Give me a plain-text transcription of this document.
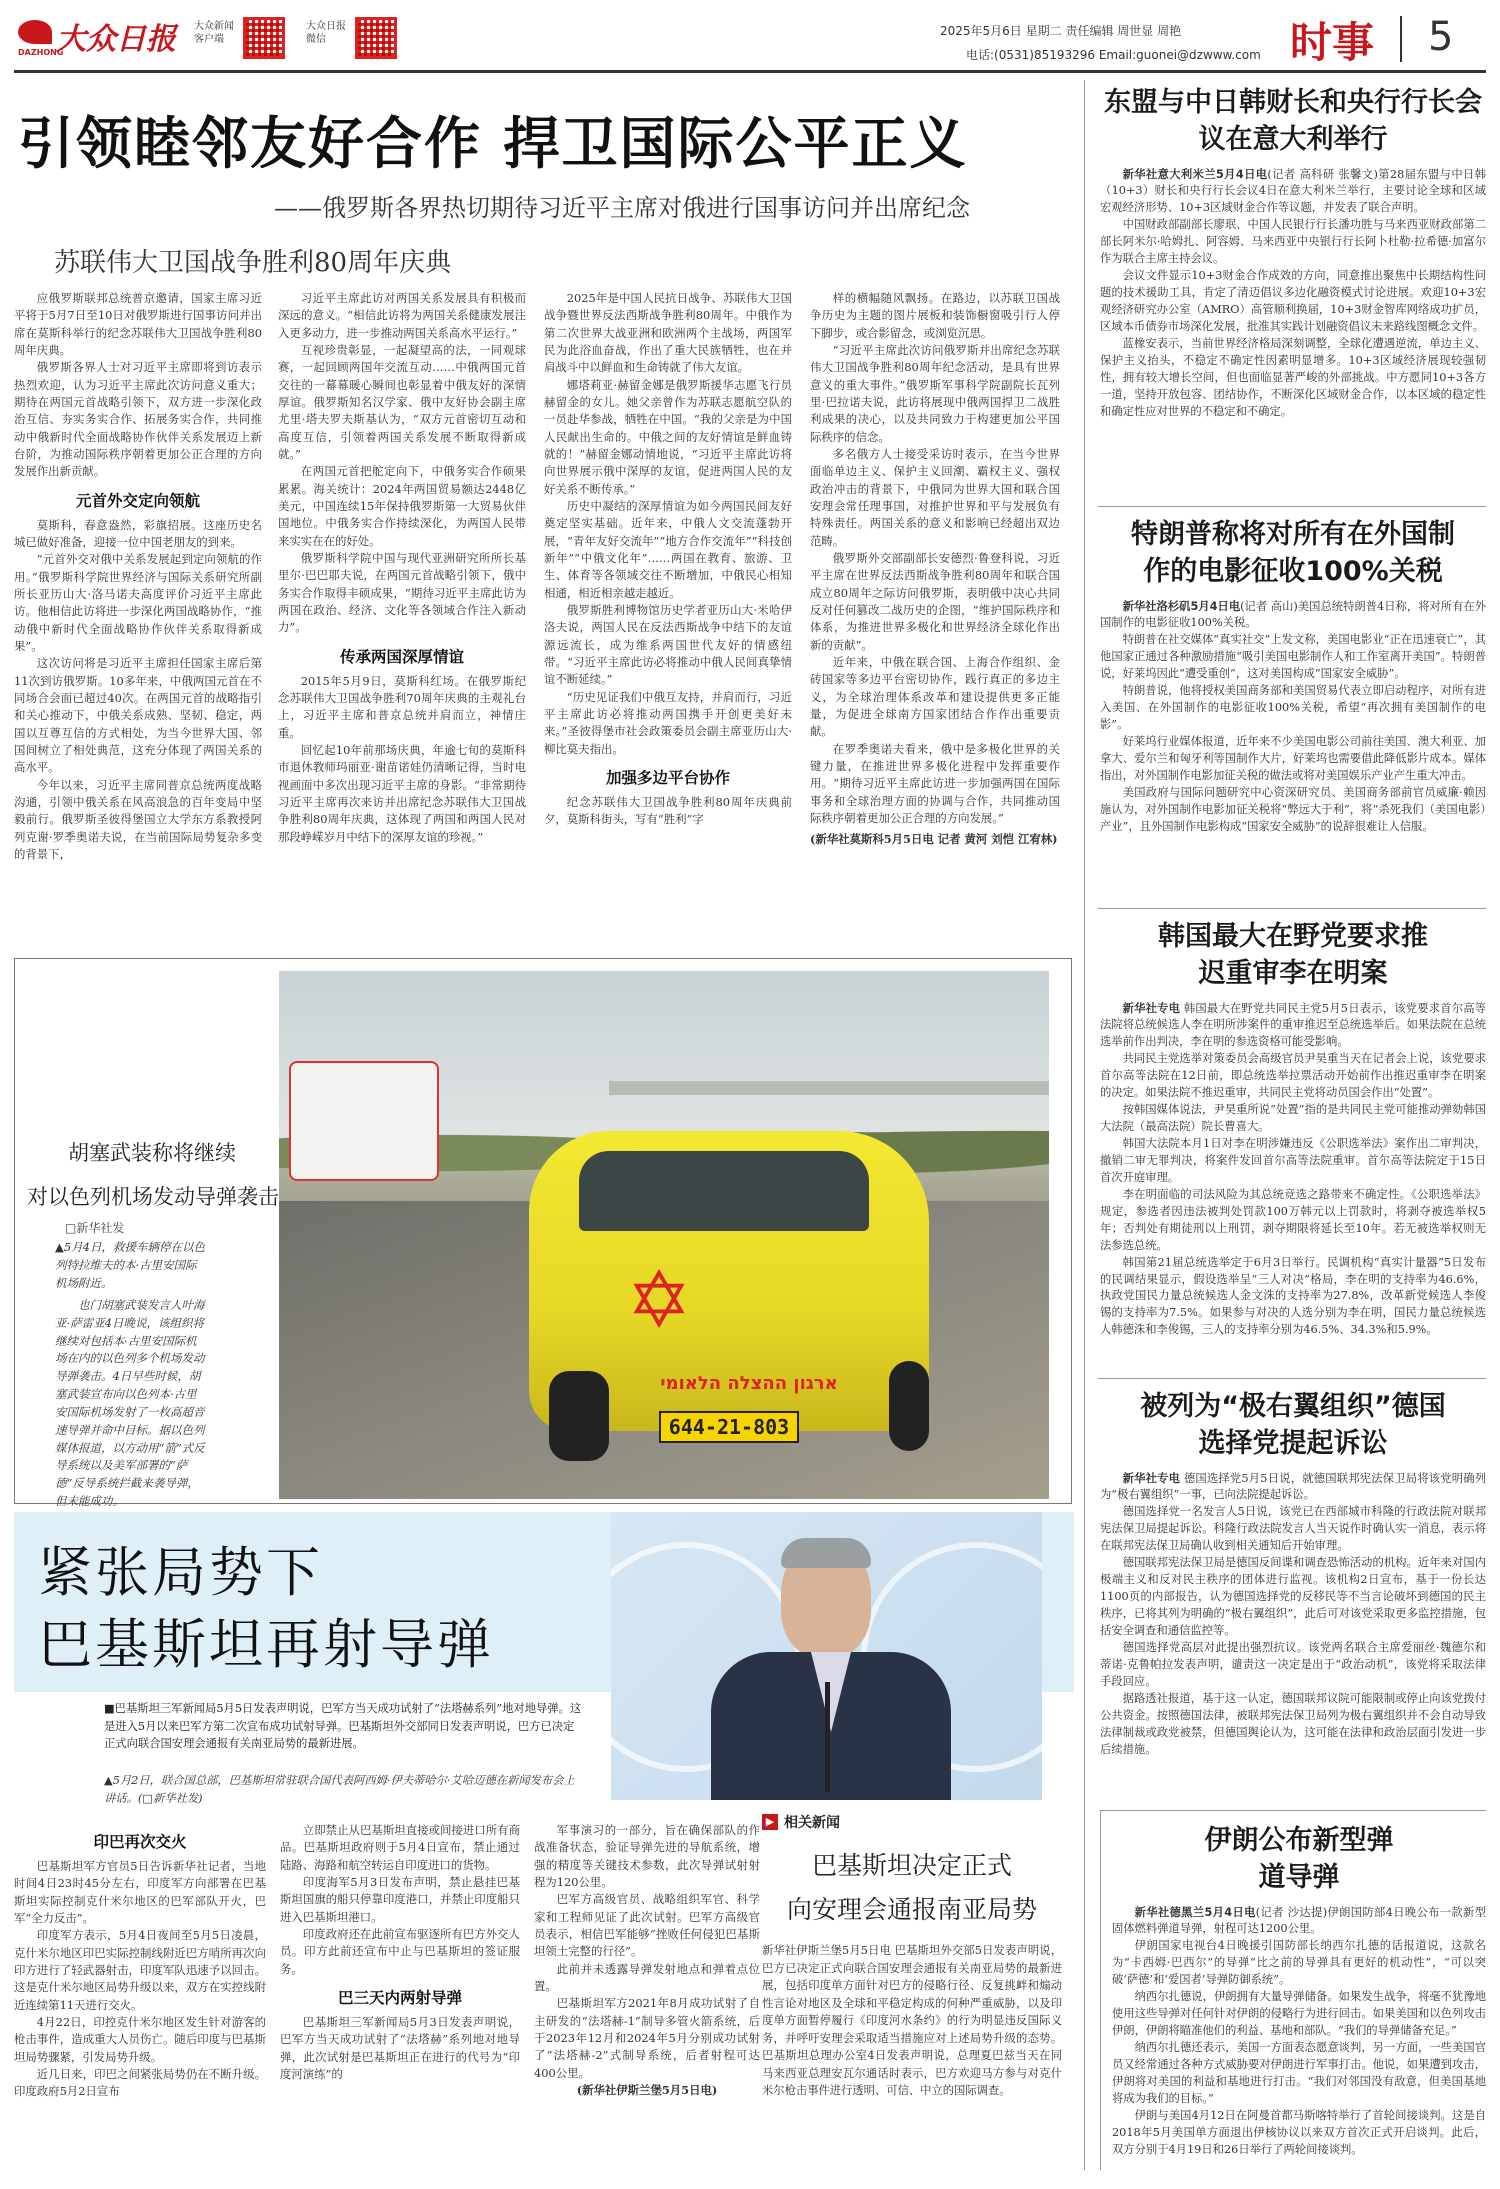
大众日报
DAZHONG
大众新闻客户端
大众日报微信
2025年5月6日 星期二 责任编辑 周世显 周艳
电话:(0531)85193296 Email:guonei@dzwww.com 时事 5
引领睦邻友好合作 捍卫国际公平正义
——俄罗斯各界热切期待习近平主席对俄进行国事访问并出席纪念
苏联伟大卫国战争胜利80周年庆典

应俄罗斯联邦总统普京邀请，国家主席习近平将于5月7日至10日对俄罗斯进行国事访问并出席在莫斯科举行的纪念苏联伟大卫国战争胜利80周年庆典。

俄罗斯各界人士对习近平主席即将到访表示热烈欢迎，认为习近平主席此次访问意义重大；期待在两国元首战略引领下，双方进一步深化政治互信、夯实务实合作、拓展务实合作，共同推动中俄新时代全面战略协作伙伴关系发展迈上新台阶，为推动国际秩序朝着更加公正合理的方向发展作出新贡献。

元首外交定向领航

莫斯科，春意盎然，彩旗招展。这座历史名城已做好准备，迎接一位中国老朋友的到来。

“元首外交对俄中关系发展起到定向领航的作用。”俄罗斯科学院世界经济与国际关系研究所副所长亚历山大·洛马诺夫高度评价习近平主席此访。他相信此访将进一步深化两国战略协作，“推动俄中新时代全面战略协作伙伴关系取得新成果”。

这次访问将是习近平主席担任国家主席后第11次到访俄罗斯。10多年来，中俄两国元首在不同场合会面已超过40次。在两国元首的战略指引和关心推动下，中俄关系成熟、坚韧、稳定，两国以互尊互信的方式相处，为当今世界大国、邻国间树立了相处典范，这充分体现了两国关系的高水平。

今年以来，习近平主席同普京总统两度战略沟通，引领中俄关系在风高浪急的百年变局中坚毅前行。俄罗斯圣彼得堡国立大学东方系教授阿列克谢·罗季奥诺夫说，在当前国际局势复杂多变的背景下，

习近平主席此访对两国关系发展具有积极而深远的意义。“相信此访将为两国关系健康发展注入更多动力，进一步推动两国关系高水平运行。”

互视珍贵彰显，一起凝望高的法，一同观球赛，一起回顾两国年交流互动……中俄两国元首交往的一幕幕暖心瞬间也彰显着中俄友好的深情厚谊。俄罗斯知名汉学家、俄中友好协会副主席尤里·塔夫罗夫斯基认为，“双方元首密切互动和高度互信，引领着两国关系发展不断取得新成就。”

在两国元首把舵定向下，中俄务实合作硕果累累。海关统计：2024年两国贸易额达2448亿美元，中国连续15年保持俄罗斯第一大贸易伙伴国地位。中俄务实合作持续深化，为两国人民带来实实在在的好处。

俄罗斯科学院中国与现代亚洲研究所所长基里尔·巴巴耶夫说，在两国元首战略引领下，俄中务实合作取得丰硕成果，“期待习近平主席此访为两国在政治、经济、文化等各领域合作注入新动力”。

传承两国深厚情谊

2015年5月9日，莫斯科红场。在俄罗斯纪念苏联伟大卫国战争胜利70周年庆典的主观礼台上，习近平主席和普京总统并肩而立，神情庄重。

回忆起10年前那场庆典，年逾七旬的莫斯科市退休教师玛丽亚·谢苗诺娃仍清晰记得，当时电视画面中多次出现习近平主席的身影。“非常期待习近平主席再次来访并出席纪念苏联伟大卫国战争胜利80周年庆典，这体现了两国和两国人民对那段峥嵘岁月中结下的深厚友谊的珍视。”

2025年是中国人民抗日战争、苏联伟大卫国战争暨世界反法西斯战争胜利80周年。中俄作为第二次世界大战亚洲和欧洲两个主战场，两国军民为此浴血奋战，作出了重大民族牺牲，也在并肩战斗中以鲜血和生命铸就了伟大友谊。

娜塔莉亚·赫留金娜是俄罗斯援华志愿飞行员赫留金的女儿。她父亲曾作为苏联志愿航空队的一员赴华参战，牺牲在中国。“我的父亲是为中国人民献出生命的。中俄之间的友好情谊是鲜血铸就的！”赫留金娜动情地说，“习近平主席此访将向世界展示俄中深厚的友谊，促进两国人民的友好关系不断传承。”

历史中凝结的深厚情谊为如今两国民间友好奠定坚实基础。近年来，中俄人文交流蓬勃开展，“青年友好交流年”“地方合作交流年”“科技创新年”“中俄文化年”……两国在教育、旅游、卫生、体育等各领域交往不断增加，中俄民心相知相通，相近相亲越走越近。

俄罗斯胜利博物馆历史学者亚历山大·米哈伊洛夫说，两国人民在反法西斯战争中结下的友谊源远流长，成为维系两国世代友好的情感纽带。“习近平主席此访必将推动中俄人民间真挚情谊不断延续。”

“历史见证我们中俄互友持，并肩而行，习近平主席此访必将推动两国携手开创更美好未来。”圣彼得堡市社会政策委员会副主席亚历山大·柳比莫夫指出。

加强多边平台协作

纪念苏联伟大卫国战争胜利80周年庆典前夕，莫斯科街头，写有“胜利”字

样的横幅随风飘扬。在路边，以苏联卫国战争历史为主题的图片展板和装饰橱窗吸引行人停下脚步，或合影留念，或浏览沉思。

“习近平主席此次访问俄罗斯并出席纪念苏联伟大卫国战争胜利80周年纪念活动，是具有世界意义的重大事件。”俄罗斯军事科学院副院长瓦列里·巴拉诺夫说，此访将展现中俄两国捍卫二战胜利成果的决心，以及共同致力于构建更加公平国际秩序的信念。

多名俄方人士接受采访时表示，在当今世界面临单边主义、保护主义回潮、霸权主义、强权政治冲击的背景下，中俄同为世界大国和联合国安理会常任理事国，对推护世界和平与发展负有特殊责任。两国关系的意义和影响已经超出双边范畴。

俄罗斯外交部副部长安德烈·鲁登科说，习近平主席在世界反法西斯战争胜利80周年和联合国成立80周年之际访问俄罗斯，表明俄中决心共同反对任何篡改二战历史的企图，“维护国际秩序和体系，为推进世界多极化和世界经济全球化作出新的贡献”。

近年来，中俄在联合国、上海合作组织、金砖国家等多边平台密切协作，践行真正的多边主义，为全球治理体系改革和建设提供更多正能量，为促进全球南方国家团结合作作出重要贡献。

在罗季奥诺夫看来，俄中是多极化世界的关键力量，在推进世界多极化进程中发挥重要作用。“期待习近平主席此访进一步加强两国在国际事务和全球治理方面的协调与合作，共同推动国际秩序朝着更加公正合理的方向发展。”

(新华社莫斯科5月5日电 记者 黄河 刘恺 江宥林)

胡塞武装称将继续
对以色列机场发动导弹袭击
□新华社发
▲5月4日，救援车辆停在以色列特拉维夫的本·古里安国际机场附近。
也门胡塞武装发言人叶海亚·萨雷亚4日晚说，该组织将继续对包括本·古里安国际机场在内的以色列多个机场发动导弹袭击。4日早些时候，胡塞武装宣布向以色列本·古里安国际机场发射了一枚高超音速导弹并命中目标。据以色列媒体报道，以方动用“箭”式反导系统以及美军部署的“萨德”反导系统拦截来袭导弹，但未能成功。
✡
ארגון ההצלה הלאומי
644-21-803
紧张局势下
巴基斯坦再射导弹
■巴基斯坦三军新闻局5月5日发表声明说，巴军方当天成功试射了“法塔赫系列”地对地导弹。这是进入5月以来巴军方第二次宣布成功试射导弹。巴基斯坦外交部同日发表声明说，巴方已决定正式向联合国安理会通报有关南亚局势的最新进展。
▲5月2日，联合国总部，巴基斯坦常驻联合国代表阿西姆·伊夫蒂哈尔·艾哈迈德在新闻发布会上讲话。(□新华社发)
印巴再次交火

巴基斯坦军方官员5日告诉新华社记者，当地时间4日23时45分左右，印度军方向部署在巴基斯坦实际控制克什米尔地区的巴军部队开火，巴军“全力反击”。

印度军方表示，5月4日夜间至5月5日凌晨，克什米尔地区印巴实际控制线附近巴方哨所再次向印方进行了轻武器射击，印度军队迅速予以回击。这是克什米尔地区局势升级以来，双方在实控线附近连续第11天进行交火。

4月22日，印控克什米尔地区发生针对游客的枪击事件，造成重大人员伤亡。随后印度与巴基斯坦局势骤紧，引发局势升级。

近几日来，印巴之间紧张局势仍在不断升级。印度政府5月2日宣布

立即禁止从巴基斯坦直接或间接进口所有商品。巴基斯坦政府则于5月4日宣布，禁止通过陆路、海路和航空转运自印度进口的货物。

印度海军5月3日发布声明，禁止悬挂巴基斯坦国旗的船只停靠印度港口，并禁止印度船只进入巴基斯坦港口。

印度政府还在此前宣布驱逐所有巴方外交人员。印方此前还宣布中止与巴基斯坦的签证服务。

巴三天内两射导弹

巴基斯坦三军新闻局5月3日发表声明说，巴军方当天成功试射了“法塔赫”系列地对地导弹，此次试射是巴基斯坦正在进行的代号为“印度河演练”的

军事演习的一部分，旨在确保部队的作战准备状态，验证导弹先进的导航系统，增强的精度等关键技术参数，此次导弹试射射程为120公里。

巴军方高级官员、战略组织军官、科学家和工程师见证了此次试射。巴军方高级官员表示，相信巴军能够“挫败任何侵犯巴基斯坦领土完整的行径”。

此前并未透露导弹发射地点和弹着点位置。

巴基斯坦军方2021年8月成功试射了自主研发的“法塔赫-1”制导多管火箭系统，后于2023年12月和2024年5月分别成功试射了“法塔赫-2”式制导系统，后者射程可达400公里。

(新华社伊斯兰堡5月5日电)

▶ 相关新闻
巴基斯坦决定正式
向安理会通报南亚局势
新华社伊斯兰堡5月5日电 巴基斯坦外交部5日发表声明说，巴方已决定正式向联合国安理会通报有关南亚局势的最新进展，包括印度单方面针对巴方的侵略行径、反复挑衅和煽动性言论对地区及全球和平稳定构成的何种严重威胁，以及印度单方面暂停履行《印度河水条约》的行为明显违反国际义务，并呼吁安理会采取适当措施应对上述局势升级的态势。巴基斯坦总理办公室4日发表声明说，总理夏巴兹当天在同马来西亚总理安瓦尔通话时表示，巴方欢迎马方参与对克什米尔枪击事件进行透明、可信、中立的国际调查。
东盟与中日韩财长和央行行长会议在意大利举行

新华社意大利米兰5月4日电(记者 高科研 张馨文)第28届东盟与中日韩（10+3）财长和央行行长会议4日在意大利米兰举行，主要讨论全球和区域宏观经济形势、10+3区域财金合作等议题，并发表了联合声明。

中国财政部副部长廖珉、中国人民银行行长潘功胜与马来西亚财政部第二部长阿米尔·哈姆扎、阿容姆、马来西亚中央银行行长阿卜杜勒·拉希德·加富尔作为联合主席主持会议。

会议文件显示10+3财金合作成效的方向，同意推出聚焦中长期结构性问题的技术援助工具，肯定了清迈倡议多边化融资模式讨论进展。欢迎10+3宏观经济研究办公室（AMRO）高管顺利换届，10+3财金智库网络成功扩员，区域本币债券市场深化发展，批准其实践计划融资倡议未来路线图概念文件。

蓝橡安表示，当前世界经济格局深刻调整，全球化遭遇逆流，单边主义、保护主义抬头，不稳定不确定性因素明显增多。10+3区域经济展现较强韧性，拥有较大增长空间，但也面临显著严峻的外部挑战。中方愿同10+3各方一道，坚持开放包容、团结协作，不断深化区域财金合作，以本区域的稳定性和确定性应对世界的不稳定和不确定。

特朗普称将对所有在外国制作的电影征收100%关税

新华社洛杉矶5月4日电(记者 高山)美国总统特朗普4日称，将对所有在外国制作的电影征收100%关税。

特朗普在社交媒体“真实社交”上发文称，美国电影业“正在迅速衰亡”，其他国家正通过各种激励措施“吸引美国电影制作人和工作室离开美国”。特朗普说，好莱坞因此“遭受重创”，这对美国构成“国家安全威胁”。

特朗普说，他将授权美国商务部和美国贸易代表立即启动程序，对所有进入美国、在外国制作的电影征收100%关税，希望“再次拥有美国制作的电影”。

好莱坞行业媒体报道，近年来不少美国电影公司前往美国、澳大利亚、加拿大、爱尔兰和匈牙利等国制作大片，好莱坞也需要借此降低影片成本。媒体指出，对外国制作电影加征关税的做法或将对美国娱乐产业产生重大冲击。

美国政府与国际问题研究中心资深研究员、美国商务部前官员威廉·赖因施认为，对外国制作电影加征关税将“弊远大于利”，将“杀死我们（美国电影）产业”，且外国制作电影构成“国家安全威胁”的说辞很难让人信服。

韩国最大在野党要求推迟重审李在明案

新华社专电 韩国最大在野党共同民主党5月5日表示，该党要求首尔高等法院将总统候选人李在明所涉案件的重审推迟至总统选举后。如果法院在总统选举前作出判决，李在明的参选资格可能受影响。

共同民主党选举对策委员会高级官员尹昊重当天在记者会上说，该党要求首尔高等法院在12日前，即总统选举拉票活动开始前作出推迟重审李在明案的决定。如果法院不推迟重审，共同民主党将动员国会作出“处置”。

按韩国媒体说法，尹昊重所说“处置”指的是共同民主党可能推动弹劾韩国大法院（最高法院）院长曹喜大。

韩国大法院本月1日对李在明涉嫌违反《公职选举法》案作出二审判决，撤销二审无罪判决，将案件发回首尔高等法院重审。首尔高等法院定于15日首次开庭审理。

李在明面临的司法风险为其总统竞选之路带来不确定性。《公职选举法》规定，参选者因违法被判处罚款100万韩元以上罚款时，将剥夺被选举权5年；否判处有期徒刑以上刑罚，剥夺期限将延长至10年。若无被选举权则无法参选总统。

韩国第21届总统选举定于6月3日举行。民调机构“真实计量器”5日发布的民调结果显示，假设选举呈“三人对决”格局，李在明的支持率为46.6%，执政党国民力量总统候选人金文洙的支持率为27.8%，改革新党候选人李俊锡的支持率为7.5%。如果参与对决的人选分别为李在明，国民力量总统候选人韩德洙和李俊锡，三人的支持率分别为46.5%、34.3%和5.9%。

被列为“极右翼组织”德国选择党提起诉讼

新华社专电 德国选择党5月5日说，就德国联邦宪法保卫局将该党明确列为“极右翼组织”一事，已向法院提起诉讼。

德国选择党一名发言人5日说，该党已在西部城市科隆的行政法院对联邦宪法保卫局提起诉讼。科隆行政法院发言人当天说作时确认实一消息，表示将在联邦宪法保卫局确认收到相关通知后开始审理。

德国联邦宪法保卫局是德国反间谍和调查恐怖活动的机构。近年来对国内极端主义和反对民主秩序的团体进行监视。该机构2日宣布，基于一份长达1100页的内部报告，认为德国选择党的反移民等不当言论破坏到德国的民主秩序，已将其列为明确的“极右翼组织”，此后可对该党采取更多监控措施，包括安全调查和通信监控等。

德国选择党高层对此提出强烈抗议。该党两名联合主席爱丽丝·魏德尔和蒂诺·克鲁帕拉发表声明，谴责这一决定是出于“政治动机”，该党将采取法律手段回应。

据路透社报道，基于这一认定，德国联邦议院可能限制或停止向该党拨付公共资金。按照德国法律，被联邦宪法保卫局列为极右翼组织并不会自动导致法律制裁或政党被禁，但德国舆论认为，这可能在法律和政治层面引发进一步后续措施。

伊朗公布新型弹道导弹

新华社德黑兰5月4日电(记者 沙达提)伊朗国防部4日晚公布一款新型固体燃料弹道导弹，射程可达1200公里。

伊朗国家电视台4日晚援引国防部长纳西尔扎德的话报道说，这款名为“卡西姆·巴西尔”的导弹“比之前的导弹具有更好的机动性”，“可以突破‘萨德’和‘爱国者’导弹防御系统”。

纳西尔扎德说，伊朗拥有大量导弹储备。如果发生战争，将毫不犹豫地使用这些导弹对任何针对伊朗的侵略行为进行回击。如果美国和以色列攻击伊朗，伊朗将瞄准他们的利益、基地和部队。“我们的导弹储备充足。”

纳西尔扎德还表示，美国一方面表态愿意谈判，另一方面，一些美国官员又经常通过各种方式威胁要对伊朗进行军事打击。他说，如果遭到攻击，伊朗将对美国的利益和基地进行打击。“我们对邻国没有敌意，但美国基地将成为我们的目标。”

伊朗与美国4月12日在阿曼首都马斯喀特举行了首轮间接谈判。这是自2018年5月美国单方面退出伊核协议以来双方首次正式开启谈判。此后，双方分别于4月19日和26日举行了两轮间接谈判。
